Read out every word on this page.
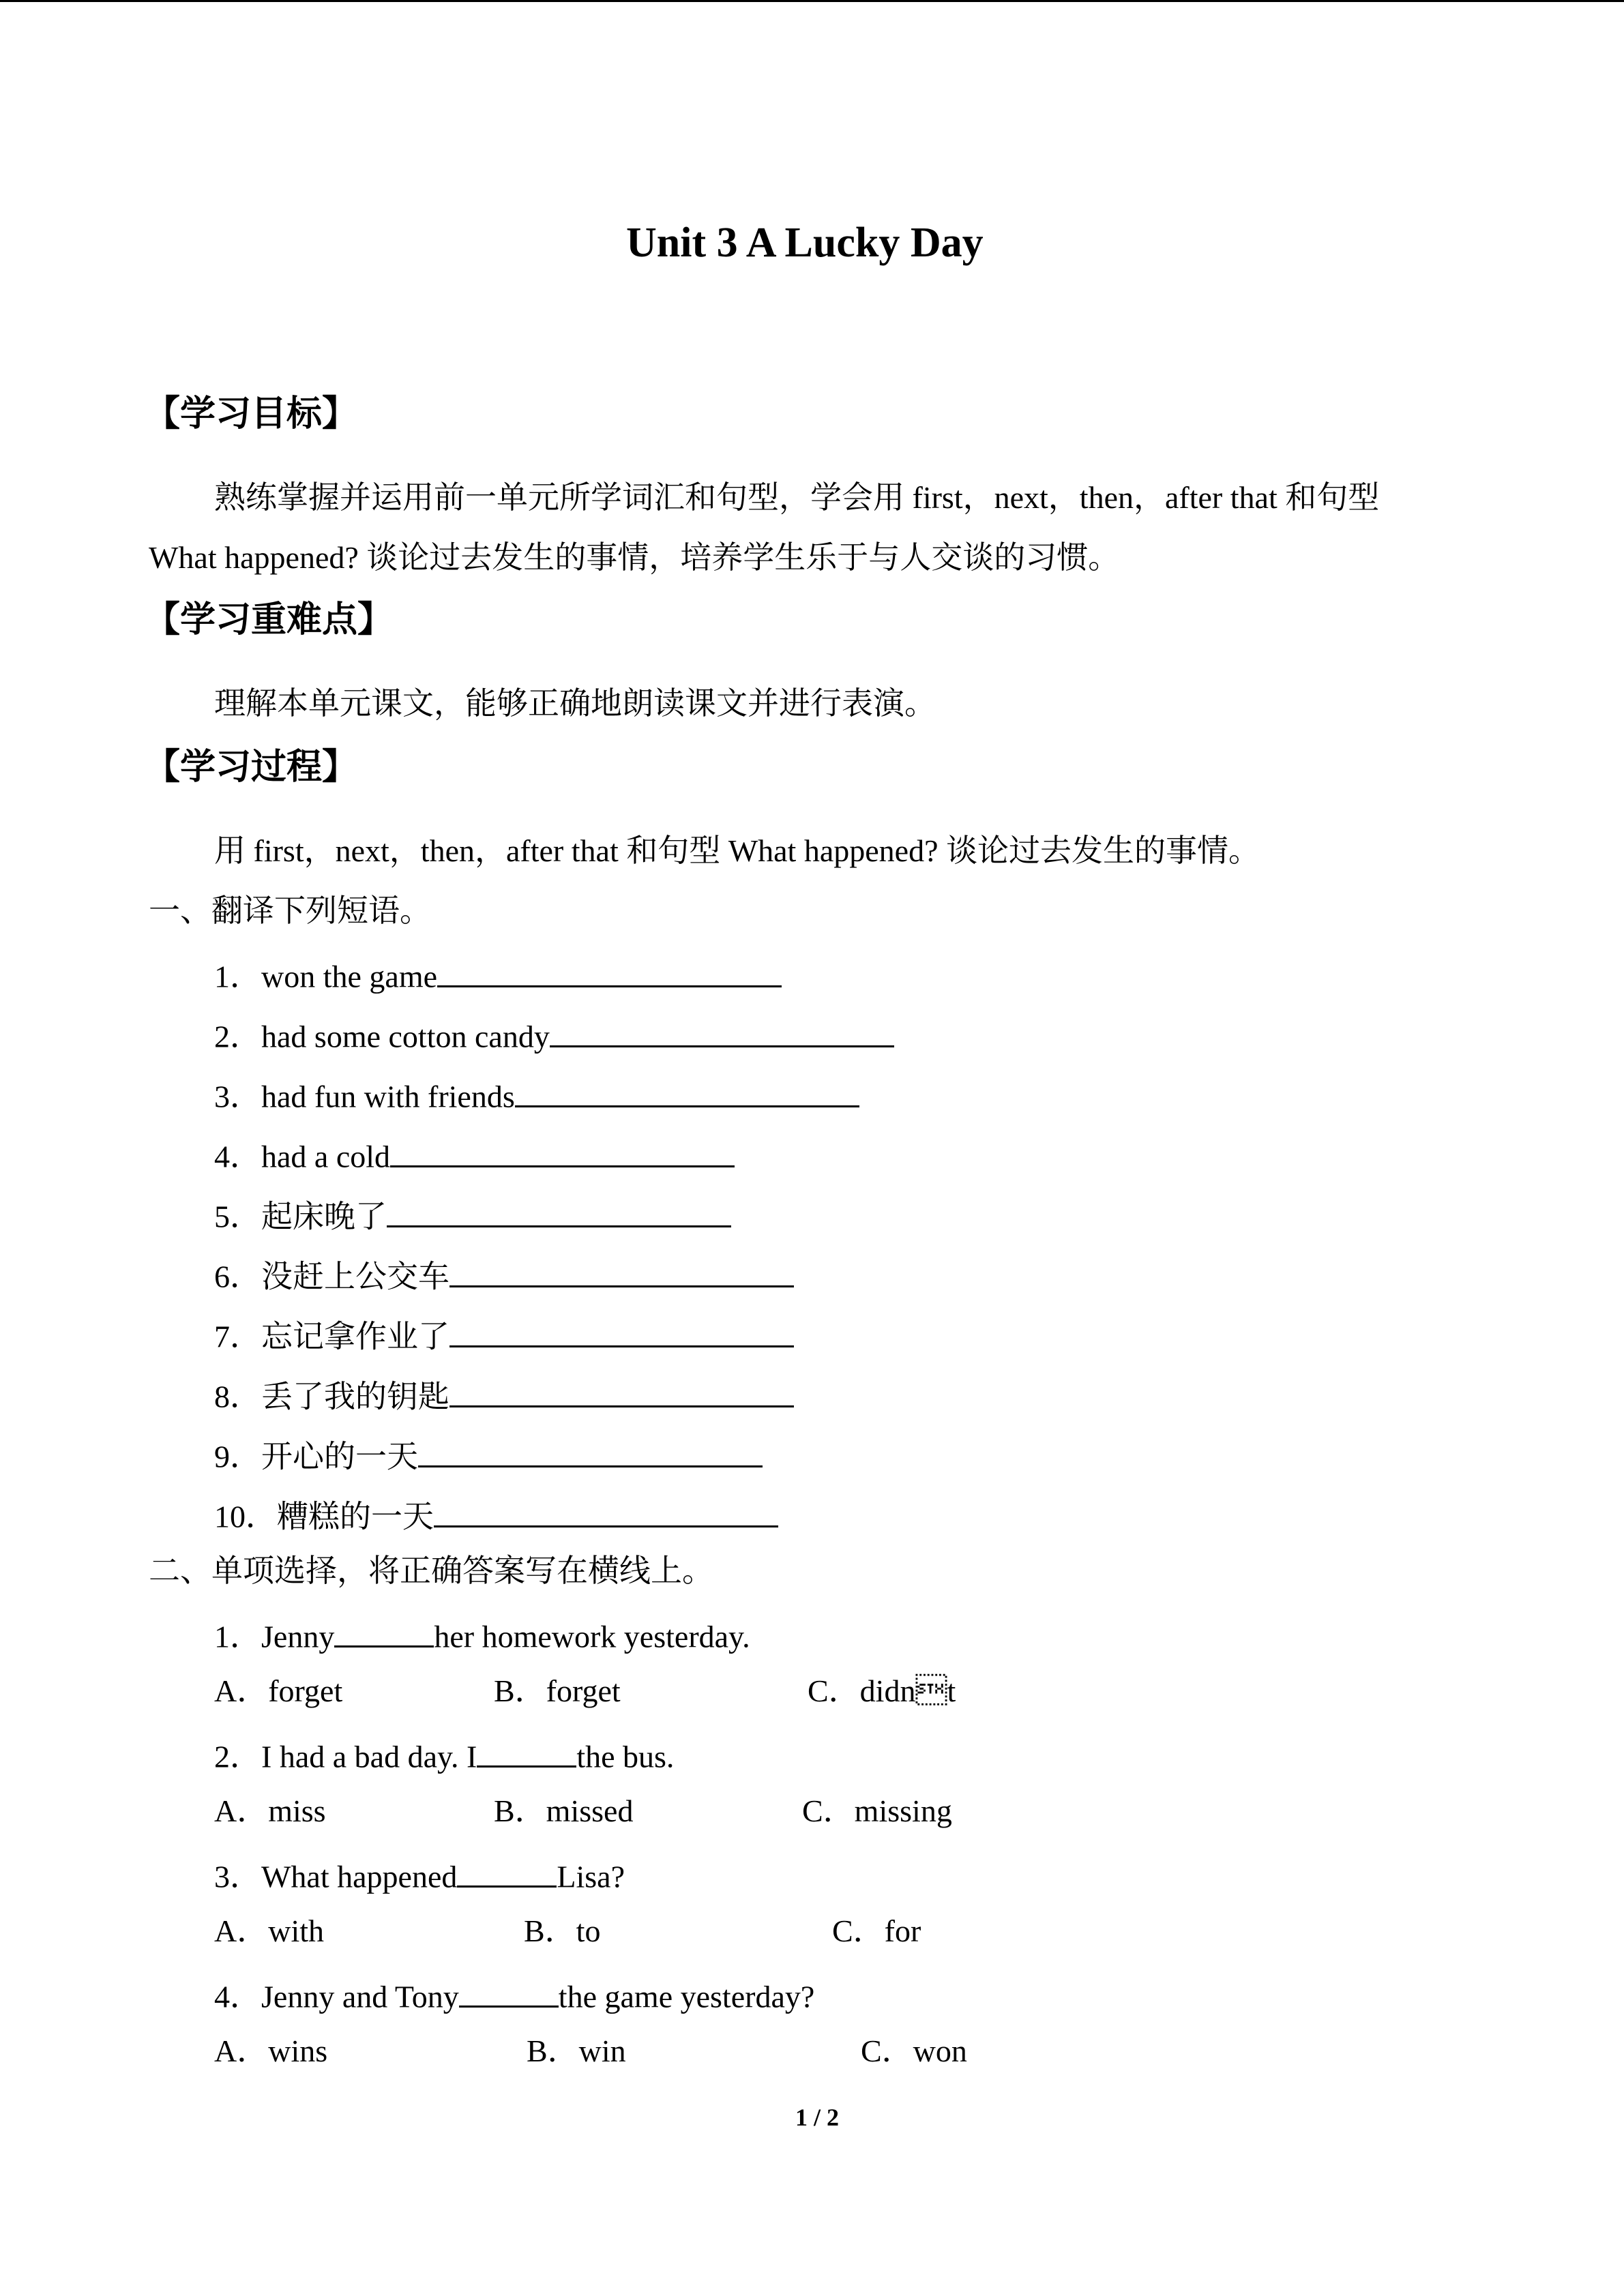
Unit 3 A Lucky Day
【学习目标】
熟练掌握并运用前一单元所学词汇和句型，学会用 first，next，then，after that 和句型
What happened? 谈论过去发生的事情，培养学生乐于与人交谈的习惯。
【学习重难点】
理解本单元课文，能够正确地朗读课文并进行表演。
【学习过程】
用 first，next，then，after that 和句型 What happened? 谈论过去发生的事情。
一、翻译下列短语。
1．won the game
2．had some cotton candy
3．had fun with friends
4．had a cold
5．起床晚了
6．没赶上公交车
7．忘记拿作业了
8．丢了我的钥匙
9．开心的一天
10．糟糕的一天
二、单项选择，将正确答案写在横线上。
1．Jenny	her homework yesterday.
A．forget	B．forget	C．didnt
2．I had a bad day. I	the bus.
A．miss	B．missed	C．missing
3．What happened	Lisa?
A．with	B．to	C．for
4．Jenny and Tony	the game yesterday?
A．wins	B．win	C．won
1 / 2
